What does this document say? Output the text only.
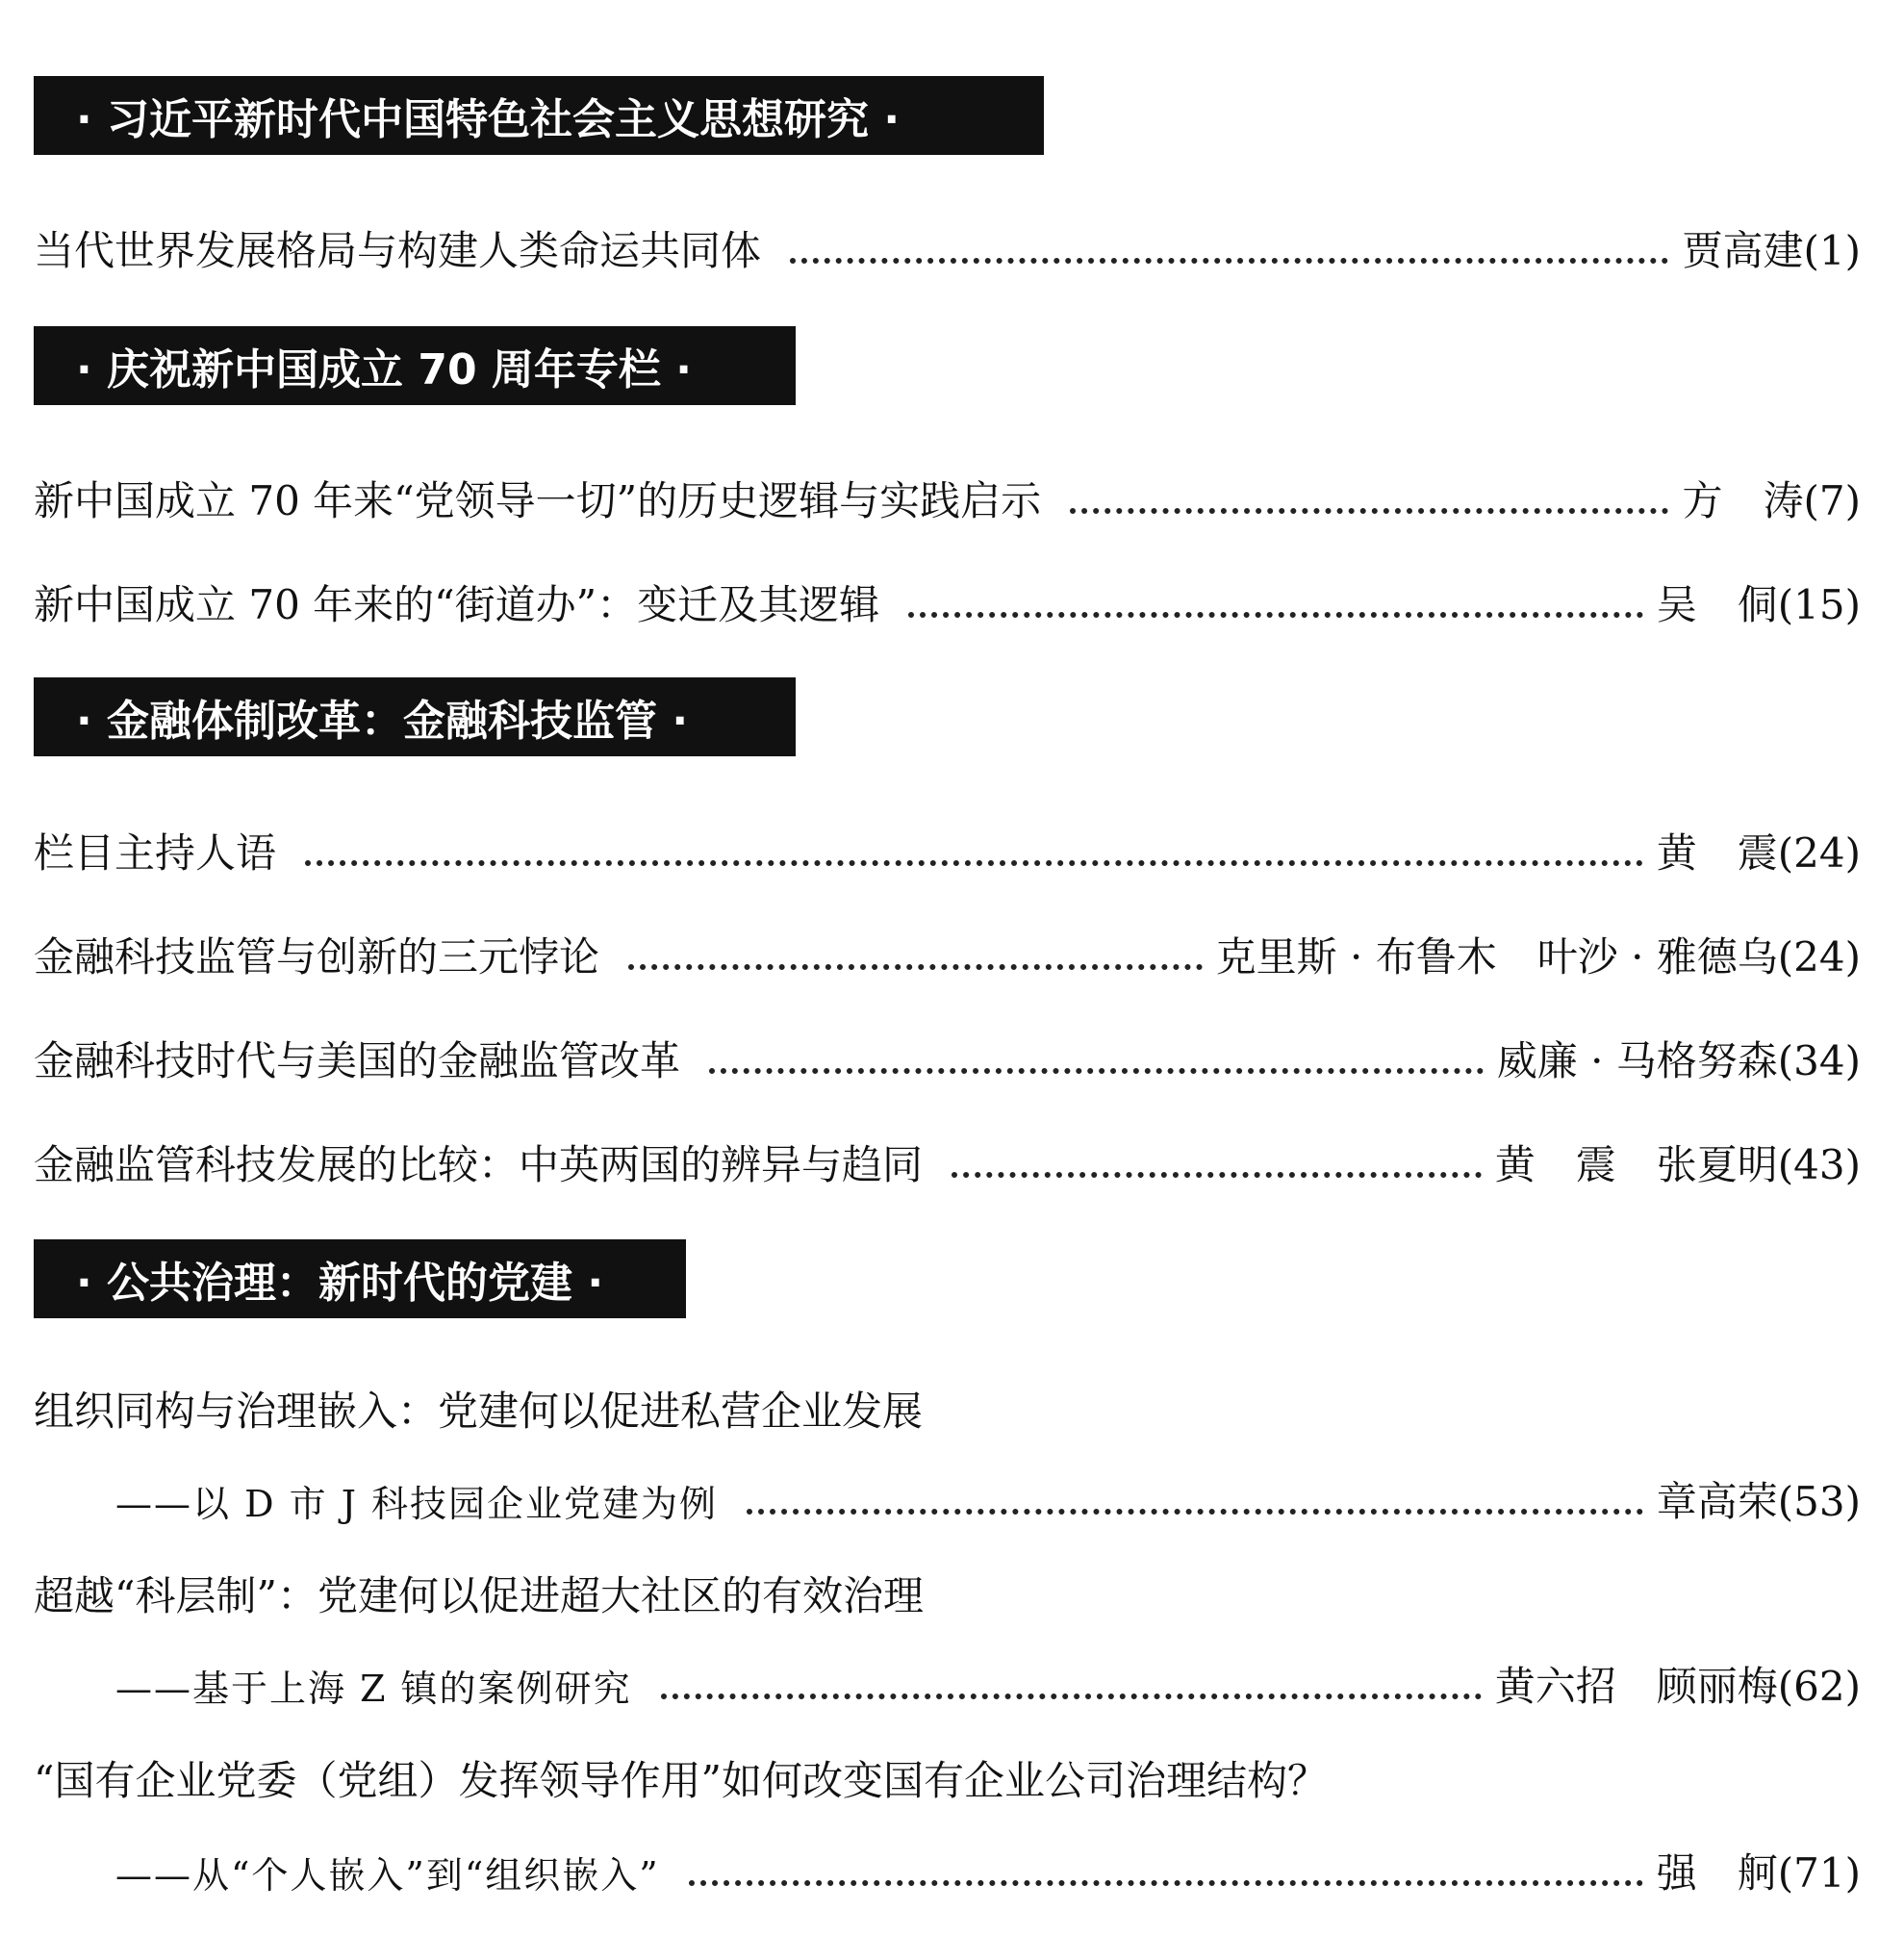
· 习近平新时代中国特色社会主义思想研究 ·
当代世界发展格局与构建人类命运共同体	贾高建 (1)
· 庆祝新中国成立 70 周年专栏 ·
新中国成立 70 年来“党领导一切”的历史逻辑与实践启示	方　涛 (7)
新中国成立 70 年来的“街道办”：变迁及其逻辑	吴　侗 (15)
· 金融体制改革：金融科技监管 ·
栏目主持人语	黄　震 (24)
金融科技监管与创新的三元悖论	克里斯 · 布鲁木　叶沙 · 雅德乌 (24)
金融科技时代与美国的金融监管改革	威廉 · 马格努森 (34)
金融监管科技发展的比较：中英两国的辨异与趋同	黄　震　张夏明 (43)
· 公共治理：新时代的党建 ·
组织同构与治理嵌入：党建何以促进私营企业发展
——以 D 市 J 科技园企业党建为例	章高荣 (53)
超越“科层制”：党建何以促进超大社区的有效治理
——基于上海 Z 镇的案例研究	黄六招　顾丽梅 (62)
“国有企业党委（党组）发挥领导作用”如何改变国有企业公司治理结构？
——从“个人嵌入”到“组织嵌入”	强　舸 (71)
